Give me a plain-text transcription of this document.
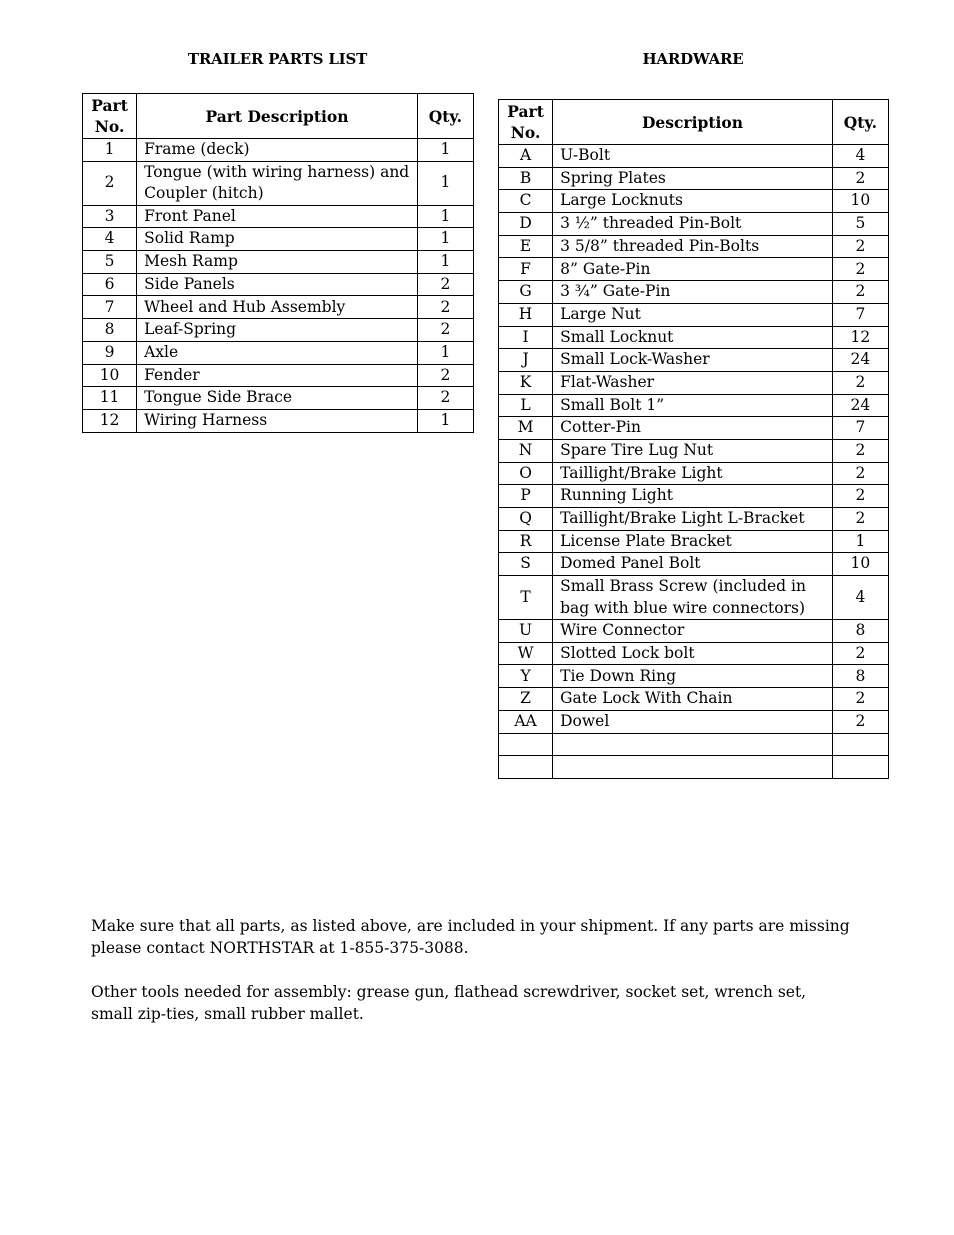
TRAILER PARTS LIST	HARDWARE
Part No.	Part Description	Qty.
1	Frame (deck)	1
2	Tongue (with wiring harness) and Coupler (hitch)	1
3	Front Panel	1
4	Solid Ramp	1
5	Mesh Ramp	1
6	Side Panels	2
7	Wheel and Hub Assembly	2
8	Leaf-Spring	2
9	Axle	1
10	Fender	2
11	Tongue Side Brace	2
12	Wiring Harness	1
Part No.	Description	Qty.
A	U-Bolt	4
B	Spring Plates	2
C	Large Locknuts	10
D	3 ½” threaded Pin-Bolt	5
E	3 5/8” threaded Pin-Bolts	2
F	8” Gate-Pin	2
G	3 ¾” Gate-Pin	2
H	Large Nut	7
I	Small Locknut	12
J	Small Lock-Washer	24
K	Flat-Washer	2
L	Small Bolt 1”	24
M	Cotter-Pin	7
N	Spare Tire Lug Nut	2
O	Taillight/Brake Light	2
P	Running Light	2
Q	Taillight/Brake Light L-Bracket	2
R	License Plate Bracket	1
S	Domed Panel Bolt	10
T	Small Brass Screw (included in bag with blue wire connectors)	4
U	Wire Connector	8
W	Slotted Lock bolt	2
Y	Tie Down Ring	8
Z	Gate Lock With Chain	2
AA	Dowel	2

Make sure that all parts, as listed above, are included in your shipment. If any parts are missing please contact NORTHSTAR at 1-855-375-3088.
Other tools needed for assembly: grease gun, flathead screwdriver, socket set, wrench set, small zip-ties, small rubber mallet.
